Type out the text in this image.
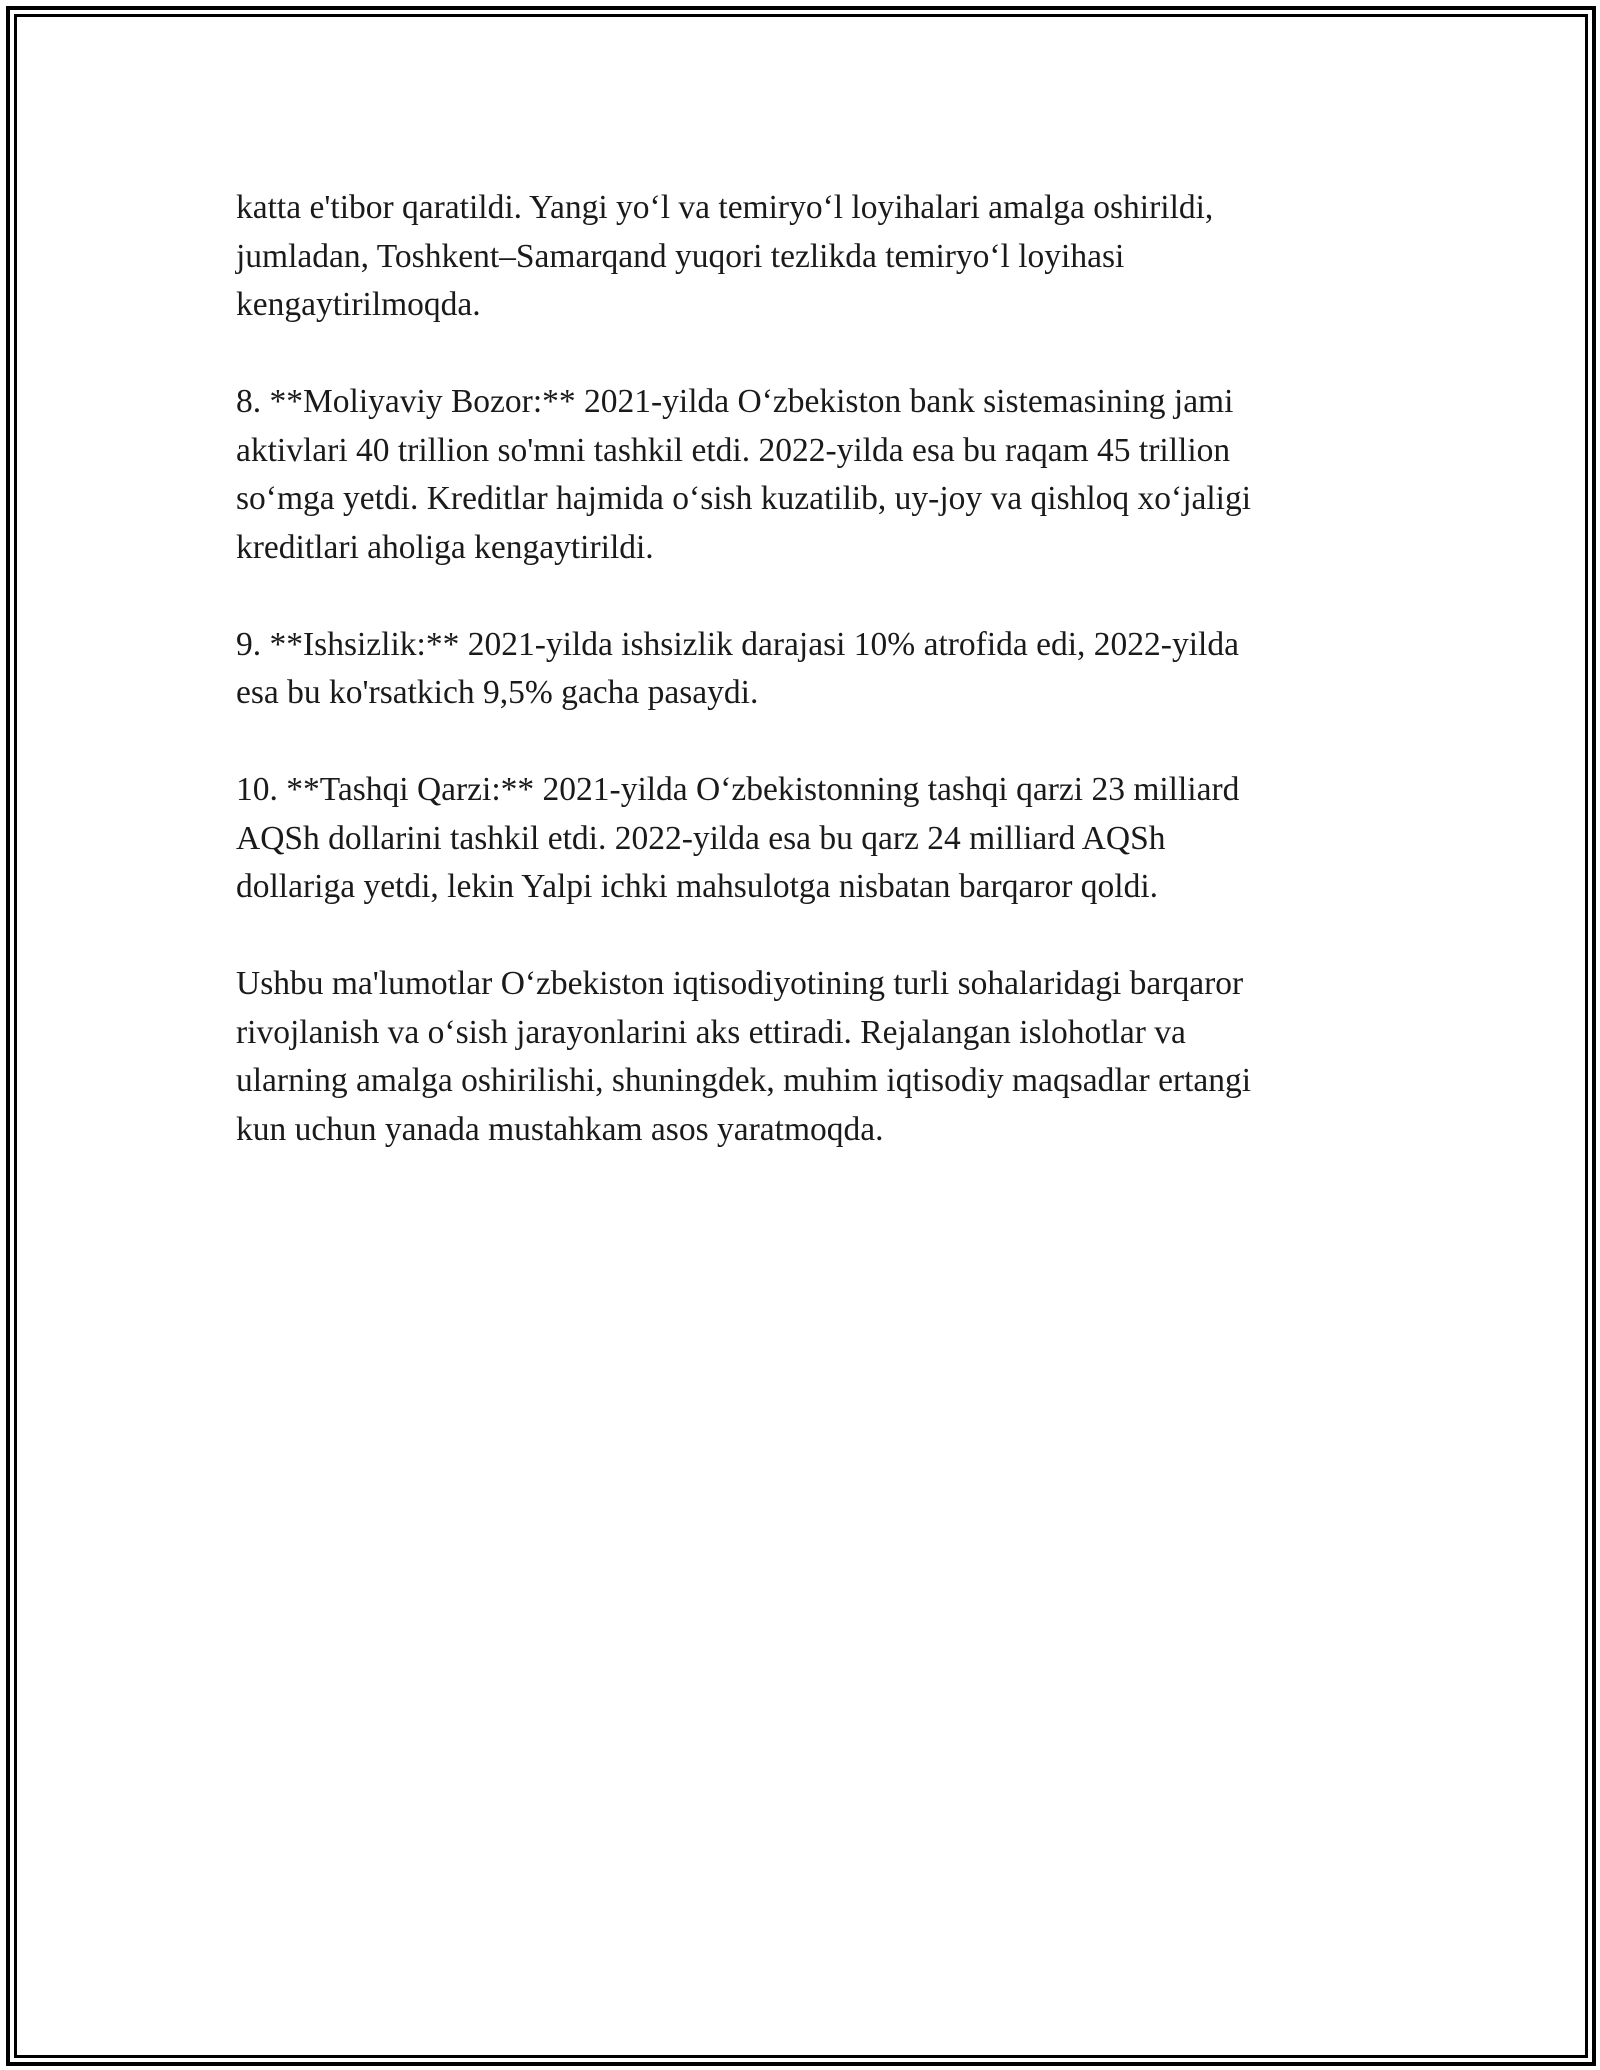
katta e'tibor qaratildi. Yangi yo‘l va temiryo‘l loyihalari amalga oshirildi,
jumladan, Toshkent–Samarqand yuqori tezlikda temiryo‘l loyihasi
kengaytirilmoqda.

8. **Moliyaviy Bozor:** 2021-yilda O‘zbekiston bank sistemasining jami
aktivlari 40 trillion so'mni tashkil etdi. 2022-yilda esa bu raqam 45 trillion
so‘mga yetdi. Kreditlar hajmida o‘sish kuzatilib, uy-joy va qishloq xo‘jaligi
kreditlari aholiga kengaytirildi.

9. **Ishsizlik:** 2021-yilda ishsizlik darajasi 10% atrofida edi, 2022-yilda
esa bu ko'rsatkich 9,5% gacha pasaydi.

10. **Tashqi Qarzi:** 2021-yilda O‘zbekistonning tashqi qarzi 23 milliard
AQSh dollarini tashkil etdi. 2022-yilda esa bu qarz 24 milliard AQSh
dollariga yetdi, lekin Yalpi ichki mahsulotga nisbatan barqaror qoldi.

Ushbu ma'lumotlar O‘zbekiston iqtisodiyotining turli sohalaridagi barqaror
rivojlanish va o‘sish jarayonlarini aks ettiradi. Rejalangan islohotlar va
ularning amalga oshirilishi, shuningdek, muhim iqtisodiy maqsadlar ertangi
kun uchun yanada mustahkam asos yaratmoqda.
